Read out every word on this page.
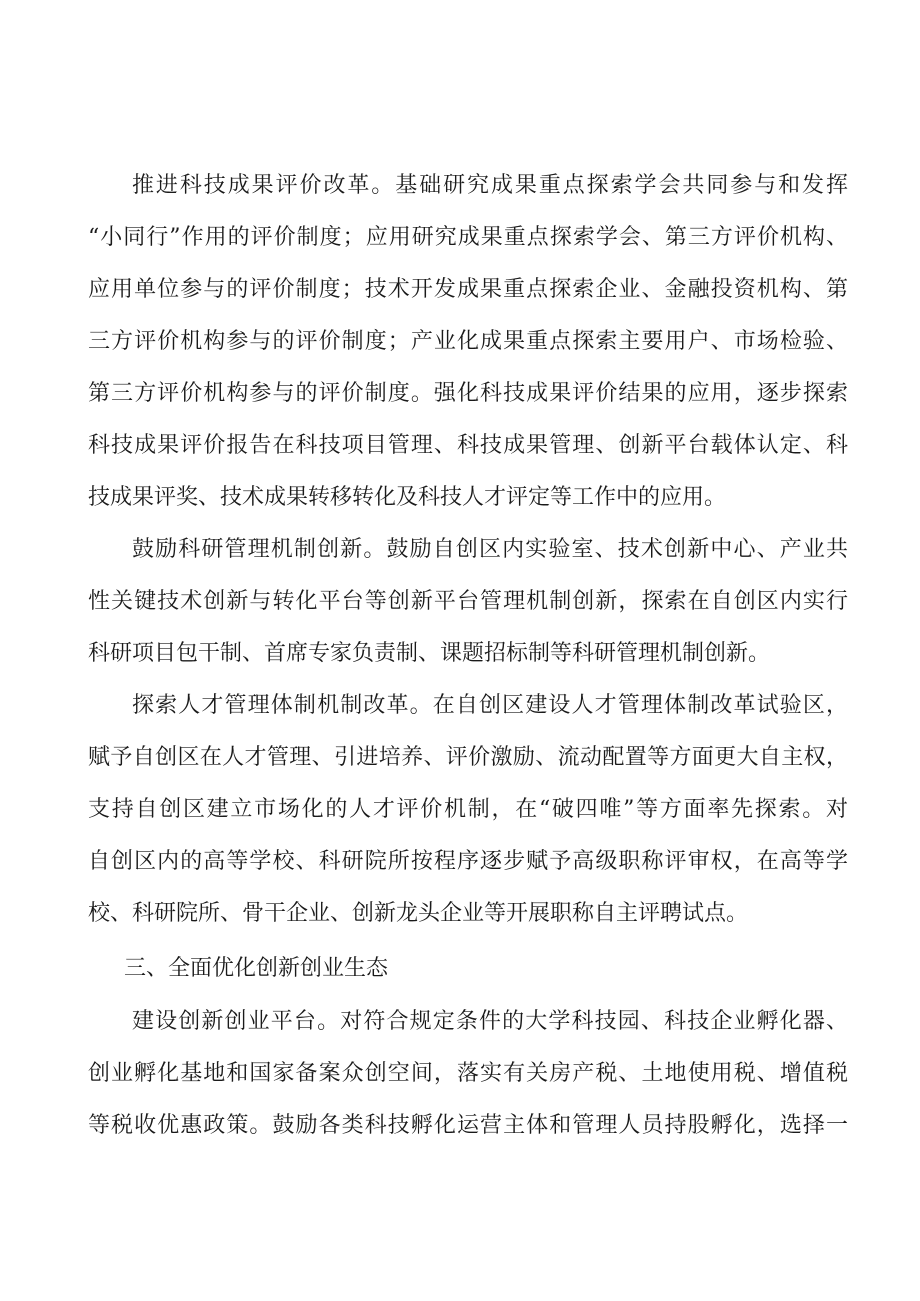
推进科技成果评价改革。基础研究成果重点探索学会共同参与和发挥
“小同行”作用的评价制度；应用研究成果重点探索学会、第三方评价机构、
应用单位参与的评价制度；技术开发成果重点探索企业、金融投资机构、第
三方评价机构参与的评价制度；产业化成果重点探索主要用户、市场检验、
第三方评价机构参与的评价制度。强化科技成果评价结果的应用，逐步探索
科技成果评价报告在科技项目管理、科技成果管理、创新平台载体认定、科
技成果评奖、技术成果转移转化及科技人才评定等工作中的应用。
鼓励科研管理机制创新。鼓励自创区内实验室、技术创新中心、产业共
性关键技术创新与转化平台等创新平台管理机制创新，探索在自创区内实行
科研项目包干制、首席专家负责制、课题招标制等科研管理机制创新。
探索人才管理体制机制改革。在自创区建设人才管理体制改革试验区，
赋予自创区在人才管理、引进培养、评价激励、流动配置等方面更大自主权，
支持自创区建立市场化的人才评价机制，在“破四唯”等方面率先探索。对
自创区内的高等学校、科研院所按程序逐步赋予高级职称评审权，在高等学
校、科研院所、骨干企业、创新龙头企业等开展职称自主评聘试点。
三、全面优化创新创业生态
建设创新创业平台。对符合规定条件的大学科技园、科技企业孵化器、
创业孵化基地和国家备案众创空间，落实有关房产税、土地使用税、增值税
等税收优惠政策。鼓励各类科技孵化运营主体和管理人员持股孵化，选择一
